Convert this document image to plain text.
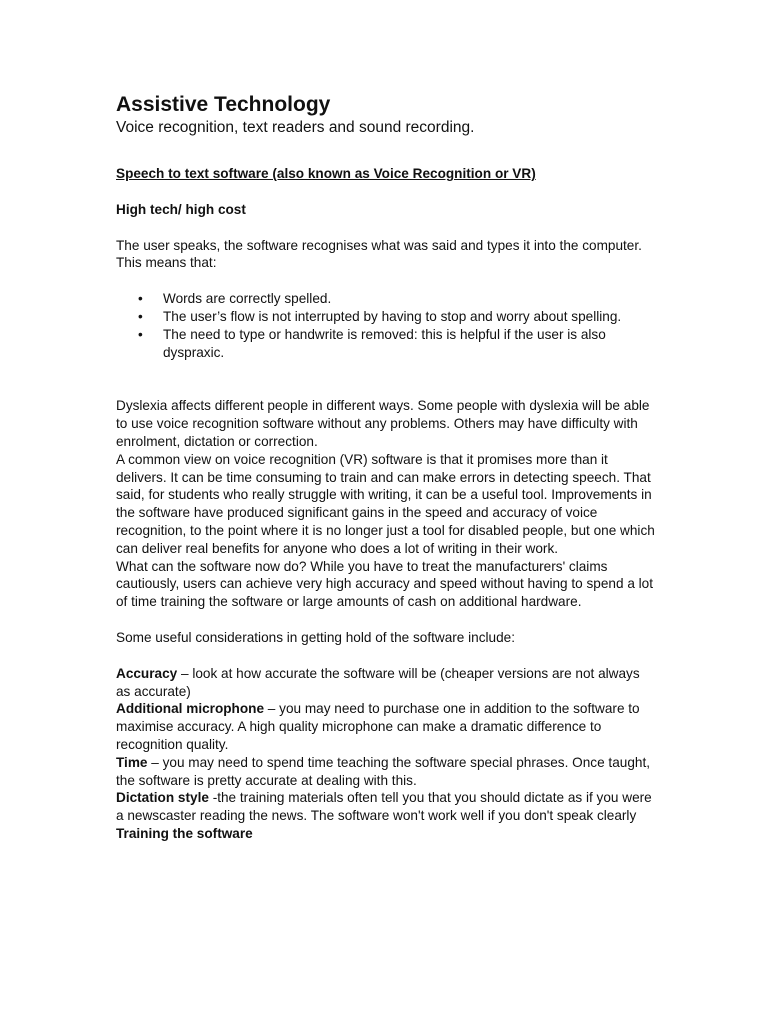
Assistive Technology

Voice recognition, text readers and sound recording.

Speech to text software (also known as Voice Recognition or VR)

High tech/ high cost

The user speaks, the software recognises what was said and types it into the computer.

This means that:

• Words are correctly spelled.
• The user’s flow is not interrupted by having to stop and worry about spelling.
• The need to type or handwrite is removed: this is helpful if the user is also dyspraxic.

Dyslexia affects different people in different ways. Some people with dyslexia will be able to use voice recognition software without any problems. Others may have difficulty with enrolment, dictation or correction.

A common view on voice recognition (VR) software is that it promises more than it delivers. It can be time consuming to train and can make errors in detecting speech. That said, for students who really struggle with writing, it can be a useful tool. Improvements in the software have produced significant gains in the speed and accuracy of voice recognition, to the point where it is no longer just a tool for disabled people, but one which can deliver real benefits for anyone who does a lot of writing in their work.

What can the software now do? While you have to treat the manufacturers' claims cautiously, users can achieve very high accuracy and speed without having to spend a lot of time training the software or large amounts of cash on additional hardware.

Some useful considerations in getting hold of the software include:

Accuracy – look at how accurate the software will be (cheaper versions are not always as accurate)

Additional microphone – you may need to purchase one in addition to the software to maximise accuracy. A high quality microphone can make a dramatic difference to recognition quality.

Time – you may need to spend time teaching the software special phrases. Once taught, the software is pretty accurate at dealing with this.

Dictation style -the training materials often tell you that you should dictate as if you were a newscaster reading the news. The software won't work well if you don't speak clearly

Training the software
